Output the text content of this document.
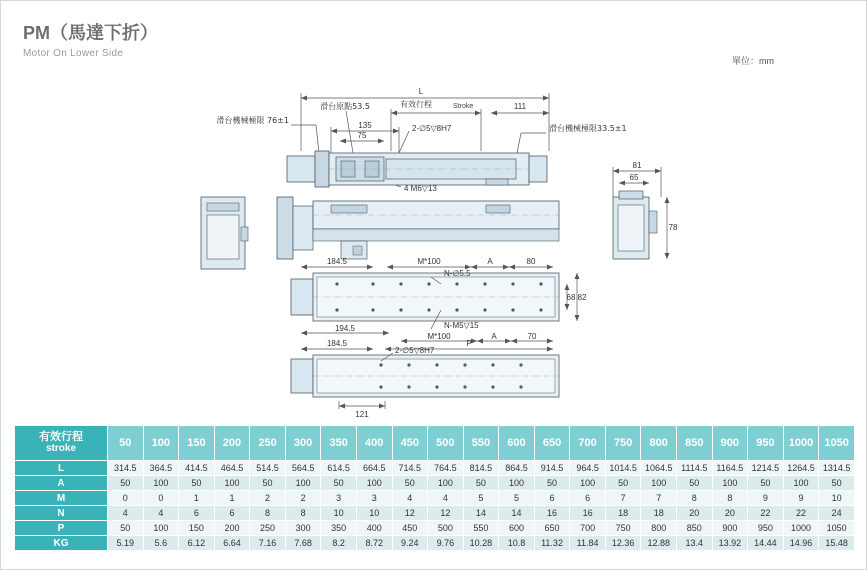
PM（馬達下折）
Motor On Lower Side
單位：mm
L
滑台機械極限 76±1
滑台機械極限33.5±1
滑台原點53.5	有效行程	Stroke	111
135
75
2-∅5▽8H7
4 M6▽13
81
65
78
184.5	M*100	A	80
N-∅5.5
68 82
194.5	N-M5▽15
M*100	A	70
184.5	P
2-∅5▽8H7
121
有效行程
stroke	50	100	150	200	250	300	350	400	450	500	550	600	650	700	750	800	850	900	950	1000	1050
L	314.5	364.5	414.5	464.5	514.5	564.5	614.5	664.5	714.5	764.5	814.5	864.5	914.5	964.5	1014.5	1064.5	1114.5	1164.5	1214.5	1264.5	1314.5
A	50	100	50	100	50	100	50	100	50	100	50	100	50	100	50	100	50	100	50	100	50
M	0	0	1	1	2	2	3	3	4	4	5	5	6	6	7	7	8	8	9	9	10
N	4	4	6	6	8	8	10	10	12	12	14	14	16	16	18	18	20	20	22	22	24
P	50	100	150	200	250	300	350	400	450	500	550	600	650	700	750	800	850	900	950	1000	1050
KG	5.19	5.6	6.12	6.64	7.16	7.68	8.2	8.72	9.24	9.76	10.28	10.8	11.32	11.84	12.36	12.88	13.4	13.92	14.44	14.96	15.48
